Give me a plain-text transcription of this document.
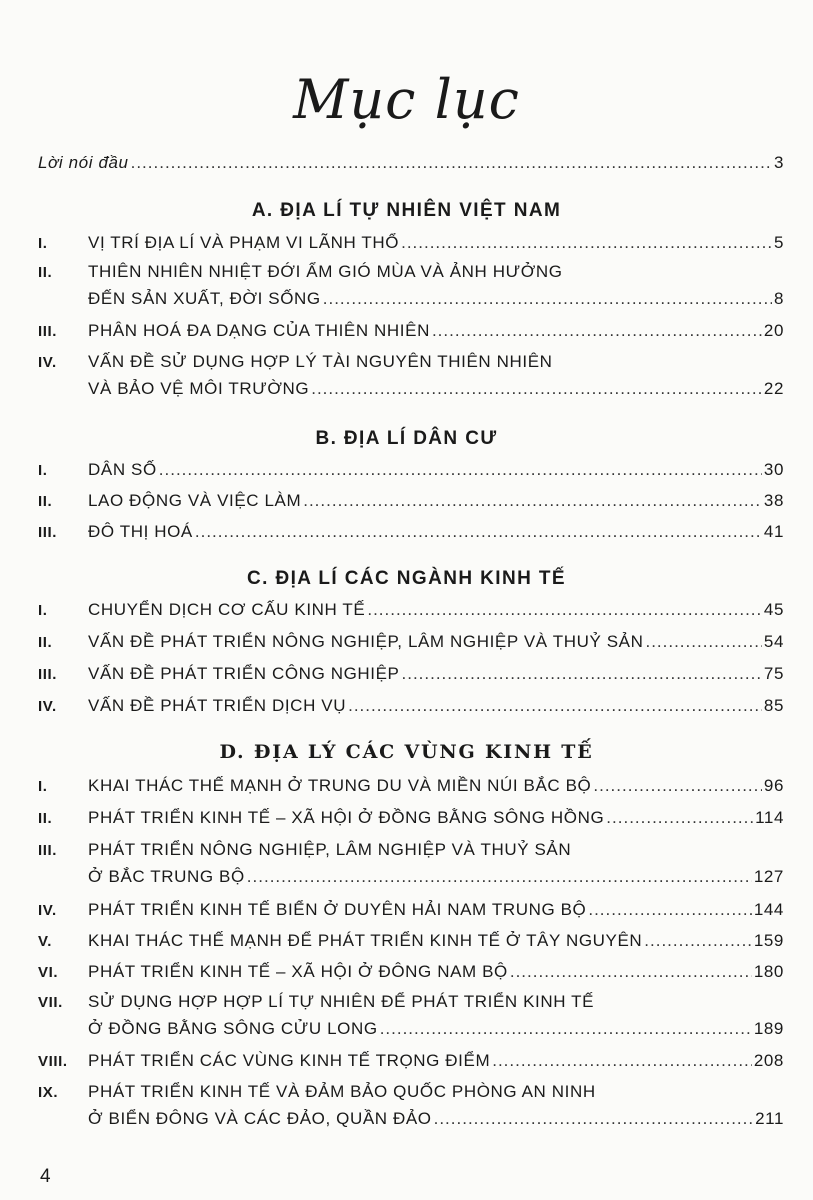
Mục lục
Lời nói đầu .....	3
A. ĐỊA LÍ TỰ NHIÊN VIỆT NAM
I.	VỊ TRÍ ĐỊA LÍ VÀ PHẠM VI LÃNH THỔ .....	5
II.	THIÊN NHIÊN NHIỆT ĐỚI ẨM GIÓ MÙA VÀ ẢNH HƯỞNG
ĐẾN SẢN XUẤT, ĐỜI SỐNG .....	8
III.	PHÂN HOÁ ĐA DẠNG CỦA THIÊN NHIÊN .....	20
IV.	VẤN ĐỀ SỬ DỤNG HỢP LÝ TÀI NGUYÊN THIÊN NHIÊN
VÀ BẢO VỆ MÔI TRƯỜNG .....	22
B. ĐỊA LÍ DÂN CƯ
I.	DÂN SỐ .....	30
II.	LAO ĐỘNG VÀ VIỆC LÀM .....	38
III.	ĐÔ THỊ HOÁ .....	41
C. ĐỊA LÍ CÁC NGÀNH KINH TẾ
I.	CHUYỂN DỊCH CƠ CẤU KINH TẾ .....	45
II.	VẤN ĐỀ PHÁT TRIỂN NÔNG NGHIỆP, LÂM NGHIỆP VÀ THUỶ SẢN .....	54
III.	VẤN ĐỀ PHÁT TRIỂN CÔNG NGHIỆP .....	75
IV.	VẤN ĐỀ PHÁT TRIỂN DỊCH VỤ .....	85
D. ĐỊA LÝ CÁC VÙNG KINH TẾ
I.	KHAI THÁC THẾ MẠNH Ở TRUNG DU VÀ MIỀN NÚI BẮC BỘ .....	96
II.	PHÁT TRIỂN KINH TẾ – XÃ HỘI Ở ĐỒNG BẰNG SÔNG HỒNG .....	114
III.	PHÁT TRIỂN NÔNG NGHIỆP, LÂM NGHIỆP VÀ THUỶ SẢN
Ở BẮC TRUNG BỘ .....	127
IV.	PHÁT TRIỂN KINH TẾ BIỂN Ở DUYÊN HẢI NAM TRUNG BỘ .....	144
V.	KHAI THÁC THẾ MẠNH ĐỂ PHÁT TRIỂN KINH TẾ Ở TÂY NGUYÊN .....	159
VI.	PHÁT TRIỂN KINH TẾ – XÃ HỘI Ở ĐÔNG NAM BỘ .....	180
VII.	SỬ DỤNG HỢP HỢP LÍ TỰ NHIÊN ĐỂ PHÁT TRIỂN KINH TẾ
Ở ĐỒNG BẰNG SÔNG CỬU LONG .....	189
VIII.	PHÁT TRIỂN CÁC VÙNG KINH TẾ TRỌNG ĐIỂM .....	208
IX.	PHÁT TRIỂN KINH TẾ VÀ ĐẢM BẢO QUỐC PHÒNG AN NINH
Ở BIỂN ĐÔNG VÀ CÁC ĐẢO, QUẦN ĐẢO .....	211
4
